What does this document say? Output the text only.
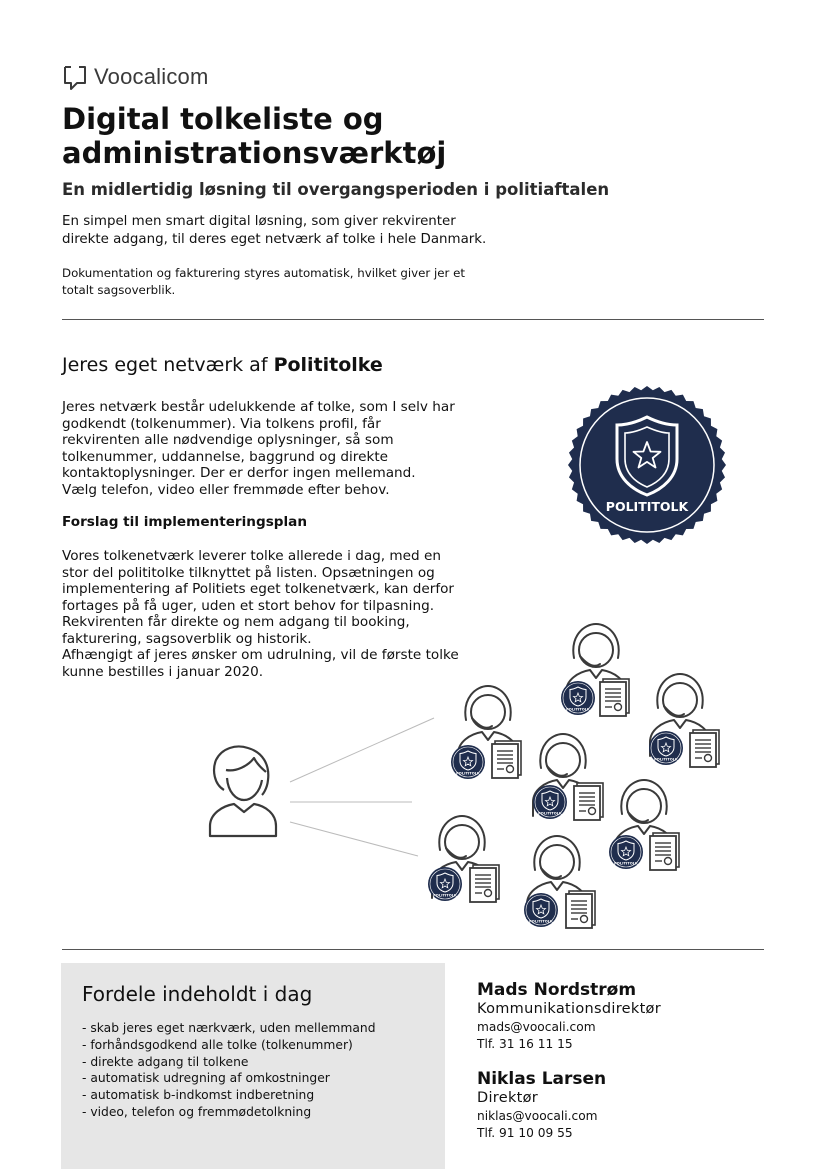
Voocalicom
Digital tolkeliste og
administrationsværktøj
En midlertidig løsning til overgangsperioden i politiaftalen
En simpel men smart digital løsning, som giver rekvirenter
direkte adgang, til deres eget netværk af tolke i hele Danmark.
Dokumentation og fakturering styres automatisk, hvilket giver jer et
totalt sagsoverblik.
Jeres eget netværk af Polititolke
Jeres netværk består udelukkende af tolke, som I selv har
godkendt (tolkenummer). Via tolkens profil, får
rekvirenten alle nødvendige oplysninger, så som
tolkenummer, uddannelse, baggrund og direkte
kontaktoplysninger. Der er derfor ingen mellemand.
Vælg telefon, video eller fremmøde efter behov.
Forslag til implementeringsplan
Vores tolkenetværk leverer tolke allerede i dag, med en
stor del polititolke tilknyttet på listen. Opsætningen og
implementering af Politiets eget tolkenetværk, kan derfor
fortages på få uger, uden et stort behov for tilpasning.
Rekvirenten får direkte og nem adgang til booking,
fakturering, sagsoverblik og historik.
Afhængigt af jeres ønsker om udrulning, vil de første tolke
kunne bestilles i januar 2020.
POLITITOLK
POLITITOLK
POLITITOLK
POLITITOLK
POLITITOLK
POLITITOLK
POLITITOLK
POLITITOLK
Fordele indeholdt i dag
- skab jeres eget nærkværk, uden mellemmand
- forhåndsgodkend alle tolke (tolkenummer)
- direkte adgang til tolkene
- automatisk udregning af omkostninger
- automatisk b-indkomst indberetning
- video, telefon og fremmødetolkning
Mads Nordstrøm
Kommunikationsdirektør
mads@voocali.com
Tlf. 31 16 11 15
Niklas Larsen
Direktør
niklas@voocali.com
Tlf. 91 10 09 55
